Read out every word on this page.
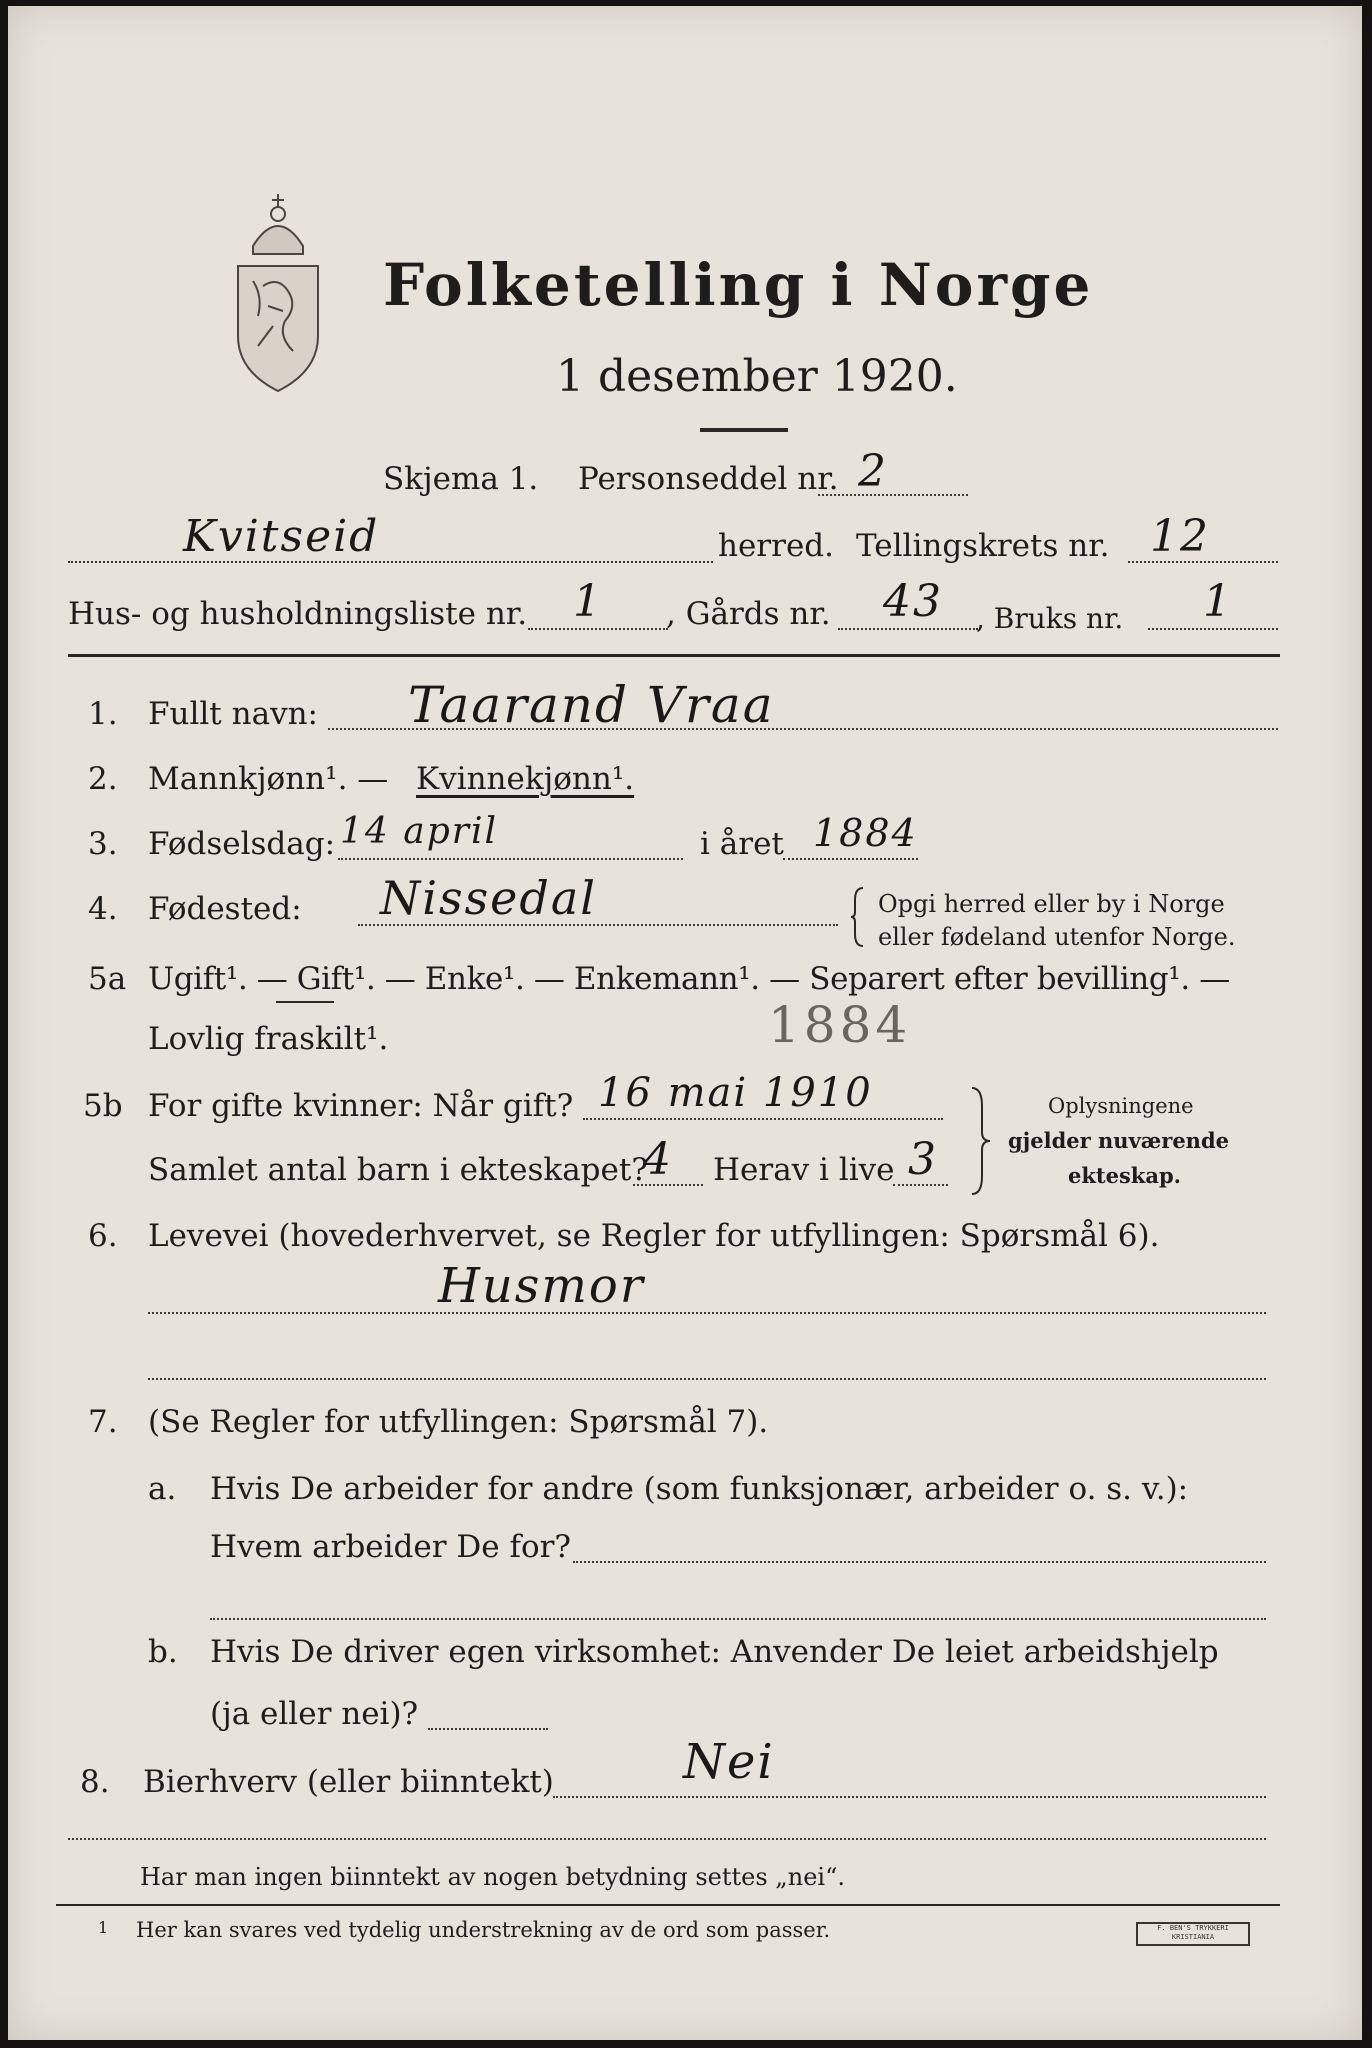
Folketelling i Norge
1 desember 1920.
Skjema 1. Personseddel nr. 2
Kvitseid	herred. Tellingskrets nr. 12
Hus- og husholdningsliste nr. 1 , Gårds nr. 43 , Bruks nr. 1
1. Fullt navn: Taarand Vraa
2. Mannkjønn¹. — Kvinnekjønn¹.
3. Fødselsdag: 14 april	i året 1884
4. Fødested: Nissedal	Opgi herred eller by i Norge
eller fødeland utenfor Norge.
5a Ugift¹. — Gift¹. — Enke¹. — Enkemann¹. — Separert efter bevilling¹. —
Lovlig fraskilt¹.	1884
5b For gifte kvinner: Når gift? 16 mai 1910
Samlet antal barn i ekteskapet?
4 Herav i live 3
Oplysningene
gjelder nuværende
ekteskap.
6. Levevei (hovederhvervet, se Regler for utfyllingen: Spørsmål 6).
Husmor
7. (Se Regler for utfyllingen: Spørsmål 7).
a. Hvis De arbeider for andre (som funksjonær, arbeider o. s. v.):
Hvem arbeider De for?
b. Hvis De driver egen virksomhet: Anvender De leiet arbeidshjelp
(ja eller nei)?
8. Bierhverv (eller biinntekt)	Nei
Har man ingen biinntekt av nogen betydning settes „nei“.
1 Her kan svares ved tydelig understrekning av de ord som passer.	F. BEN'S TRYKKERI
KRISTIANIA
